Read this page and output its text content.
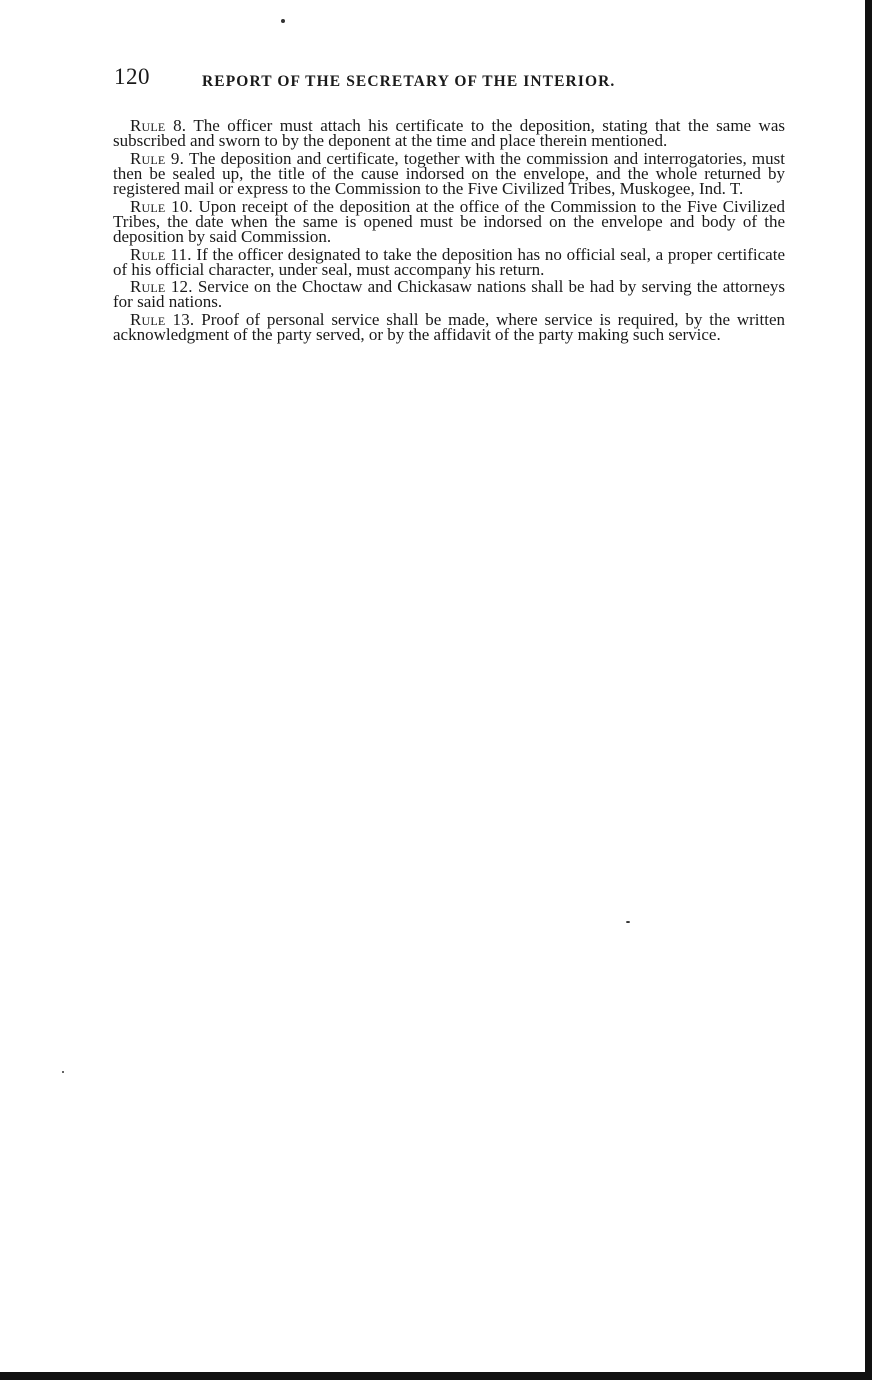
120	REPORT OF THE SECRETARY OF THE INTERIOR.

Rule 8. The officer must attach his certificate to the deposition, stating that the same was subscribed and sworn to by the deponent at the time and place therein mentioned.

Rule 9. The deposition and certificate, together with the commission and interrogatories, must then be sealed up, the title of the cause indorsed on the envelope, and the whole returned by registered mail or express to the Commission to the Five Civilized Tribes, Muskogee, Ind. T.

Rule 10. Upon receipt of the deposition at the office of the Commission to the Five Civilized Tribes, the date when the same is opened must be indorsed on the envelope and body of the deposition by said Commission.

Rule 11. If the officer designated to take the deposition has no official seal, a proper certificate of his official character, under seal, must accompany his return.

Rule 12. Service on the Choctaw and Chickasaw nations shall be had by serving the attorneys for said nations.

Rule 13. Proof of personal service shall be made, where service is required, by the written acknowledgment of the party served, or by the affidavit of the party making such service.
